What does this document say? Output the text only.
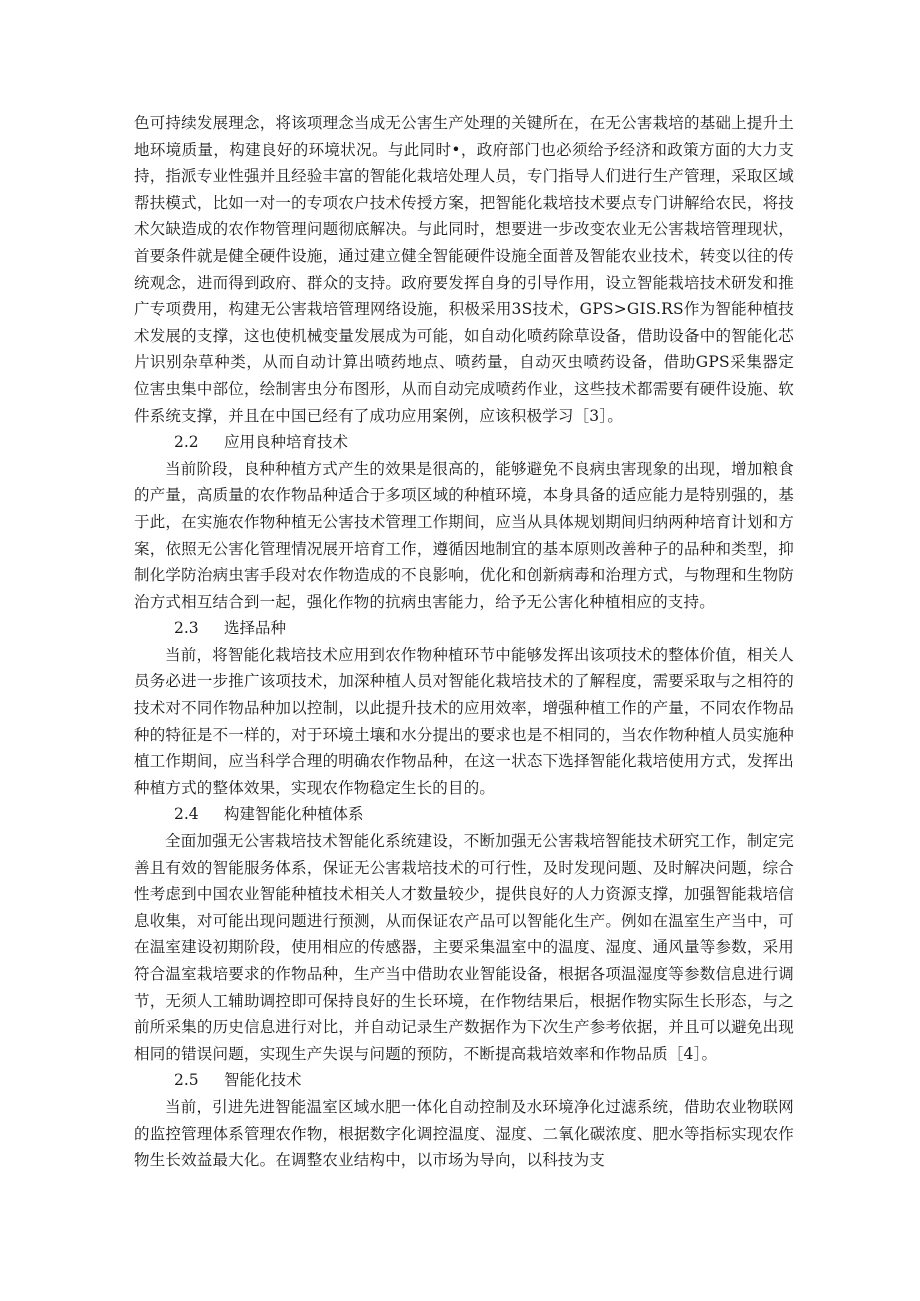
色可持续发展理念，将该项理念当成无公害生产处理的关键所在，在无公害栽培的基础上提升土地环境质量，构建良好的环境状况。与此同时•，政府部门也必须给予经济和政策方面的大力支持，指派专业性强并且经验丰富的智能化栽培处理人员，专门指导人们进行生产管理，采取区域帮扶模式，比如一对一的专项农户技术传授方案，把智能化栽培技术要点专门讲解给农民，将技术欠缺造成的农作物管理问题彻底解决。与此同时，想要进一步改变农业无公害栽培管理现状，首要条件就是健全硬件设施，通过建立健全智能硬件设施全面普及智能农业技术，转变以往的传统观念，进而得到政府、群众的支持。政府要发挥自身的引导作用，设立智能栽培技术研发和推广专项费用，构建无公害栽培管理网络设施，积极采用3S技术，GPS>GIS.RS作为智能种植技术发展的支撑，这也使机械变量发展成为可能，如自动化喷药除草设备，借助设备中的智能化芯片识别杂草种类，从而自动计算出喷药地点、喷药量，自动灭虫喷药设备，借助GPS采集器定位害虫集中部位，绘制害虫分布图形，从而自动完成喷药作业，这些技术都需要有硬件设施、软件系统支撑，并且在中国已经有了成功应用案例，应该积极学习［3］。

2.2 应用良种培育技术

当前阶段，良种种植方式产生的效果是很高的，能够避免不良病虫害现象的出现，增加粮食的产量，高质量的农作物品种适合于多项区域的种植环境，本身具备的适应能力是特别强的，基于此，在实施农作物种植无公害技术管理工作期间，应当从具体规划期间归纳两种培育计划和方案，依照无公害化管理情况展开培育工作，遵循因地制宜的基本原则改善种子的品种和类型，抑制化学防治病虫害手段对农作物造成的不良影响，优化和创新病毒和治理方式，与物理和生物防治方式相互结合到一起，强化作物的抗病虫害能力，给予无公害化种植相应的支持。

2.3 选择品种

当前，将智能化栽培技术应用到农作物种植环节中能够发挥出该项技术的整体价值，相关人员务必进一步推广该项技术，加深种植人员对智能化栽培技术的了解程度，需要采取与之相符的技术对不同作物品种加以控制，以此提升技术的应用效率，增强种植工作的产量，不同农作物品种的特征是不一样的，对于环境土壤和水分提出的要求也是不相同的，当农作物种植人员实施种植工作期间，应当科学合理的明确农作物品种，在这一状态下选择智能化栽培使用方式，发挥出种植方式的整体效果，实现农作物稳定生长的目的。

2.4 构建智能化种植体系

全面加强无公害栽培技术智能化系统建设，不断加强无公害栽培智能技术研究工作，制定完善且有效的智能服务体系，保证无公害栽培技术的可行性，及时发现问题、及时解决问题，综合性考虑到中国农业智能种植技术相关人才数量较少，提供良好的人力资源支撑，加强智能栽培信息收集，对可能出现问题进行预测，从而保证农产品可以智能化生产。例如在温室生产当中，可在温室建设初期阶段，使用相应的传感器，主要采集温室中的温度、湿度、通风量等参数，采用符合温室栽培要求的作物品种，生产当中借助农业智能设备，根据各项温湿度等参数信息进行调节，无须人工辅助调控即可保持良好的生长环境，在作物结果后，根据作物实际生长形态，与之前所采集的历史信息进行对比，并自动记录生产数据作为下次生产参考依据，并且可以避免出现相同的错误问题，实现生产失误与问题的预防，不断提高栽培效率和作物品质［4］。

2.5 智能化技术

当前，引进先进智能温室区域水肥一体化自动控制及水环境净化过滤系统，借助农业物联网的监控管理体系管理农作物，根据数字化调控温度、湿度、二氧化碳浓度、肥水等指标实现农作物生长效益最大化。在调整农业结构中，以市场为导向，以科技为支
